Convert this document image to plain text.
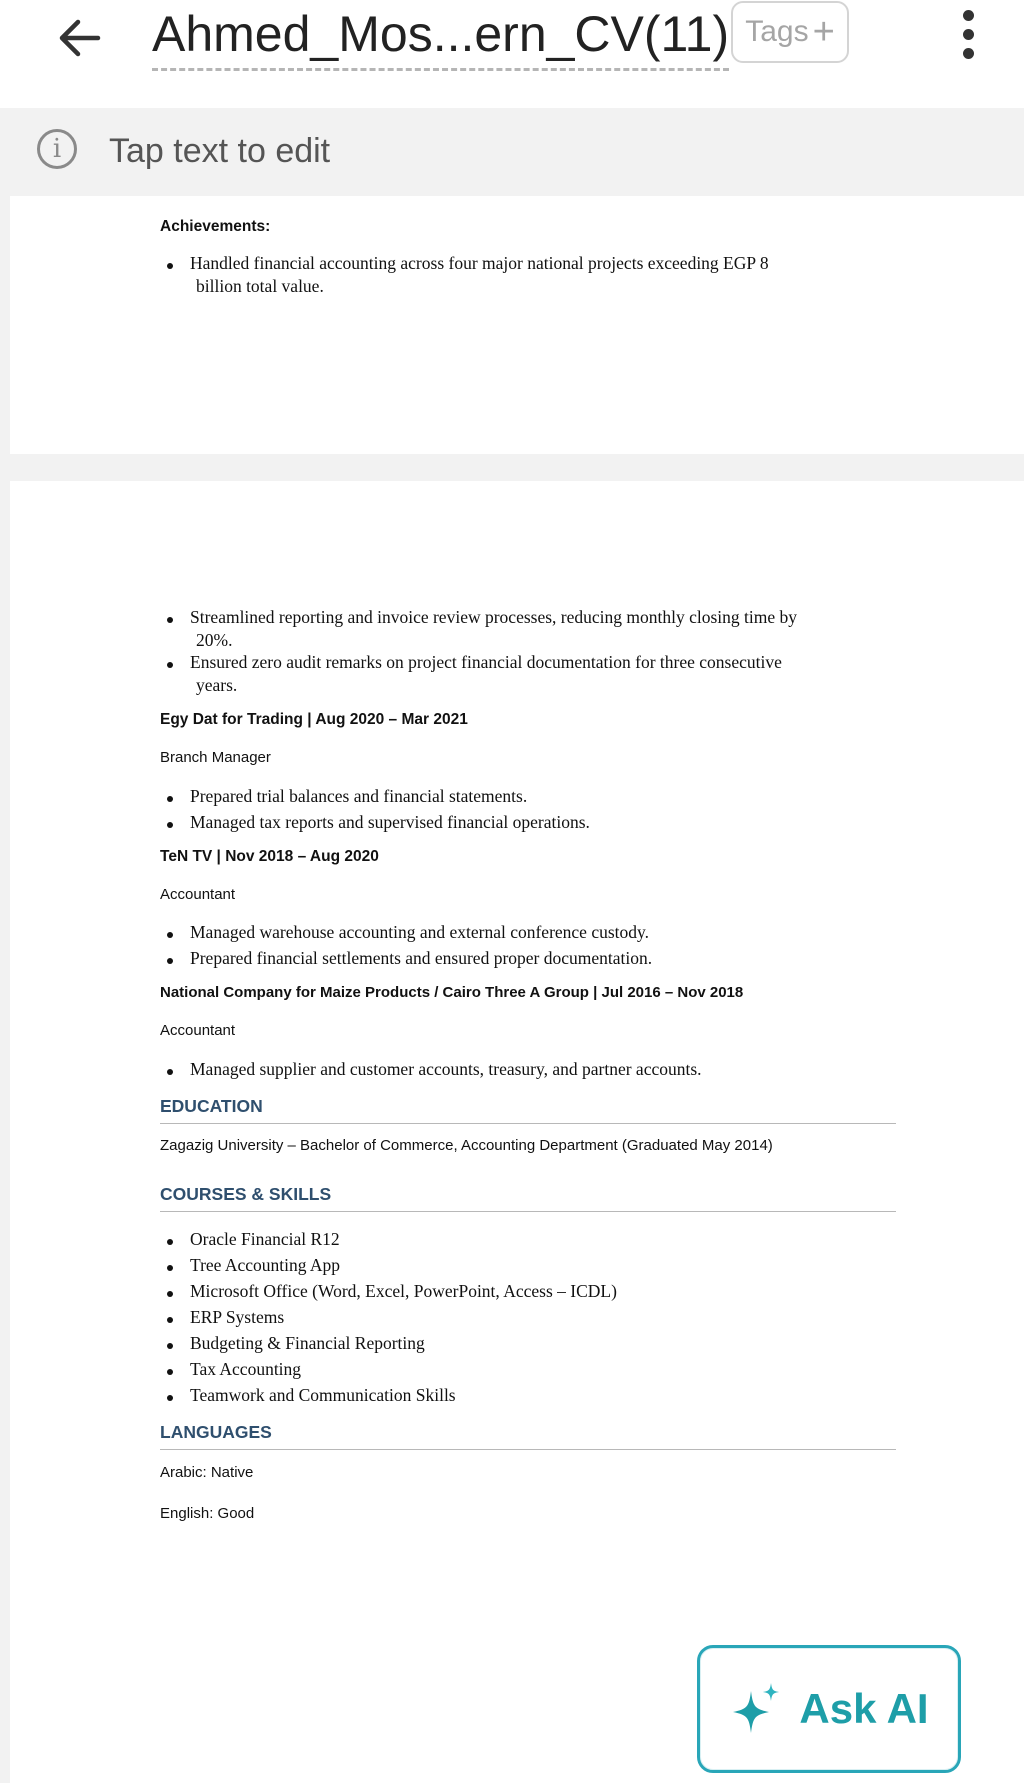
Ahmed_Mos...ern_CV(11) Tags +
i	Tap text to edit
Achievements:
Handled financial accounting across four major national projects exceeding EGP 8
billion total value.
Streamlined reporting and invoice review processes, reducing monthly closing time by
20%.
Ensured zero audit remarks on project financial documentation for three consecutive
years.
Egy Dat for Trading | Aug 2020 – Mar 2021
Branch Manager
Prepared trial balances and financial statements.
Managed tax reports and supervised financial operations.
TeN TV | Nov 2018 – Aug 2020
Accountant
Managed warehouse accounting and external conference custody.
Prepared financial settlements and ensured proper documentation.
National Company for Maize Products / Cairo Three A Group | Jul 2016 – Nov 2018
Accountant
Managed supplier and customer accounts, treasury, and partner accounts.
EDUCATION
Zagazig University – Bachelor of Commerce, Accounting Department (Graduated May 2014)
COURSES & SKILLS
Oracle Financial R12
Tree Accounting App
Microsoft Office (Word, Excel, PowerPoint, Access – ICDL)
ERP Systems
Budgeting & Financial Reporting
Tax Accounting
Teamwork and Communication Skills
LANGUAGES
Arabic: Native
English: Good
Ask AI
